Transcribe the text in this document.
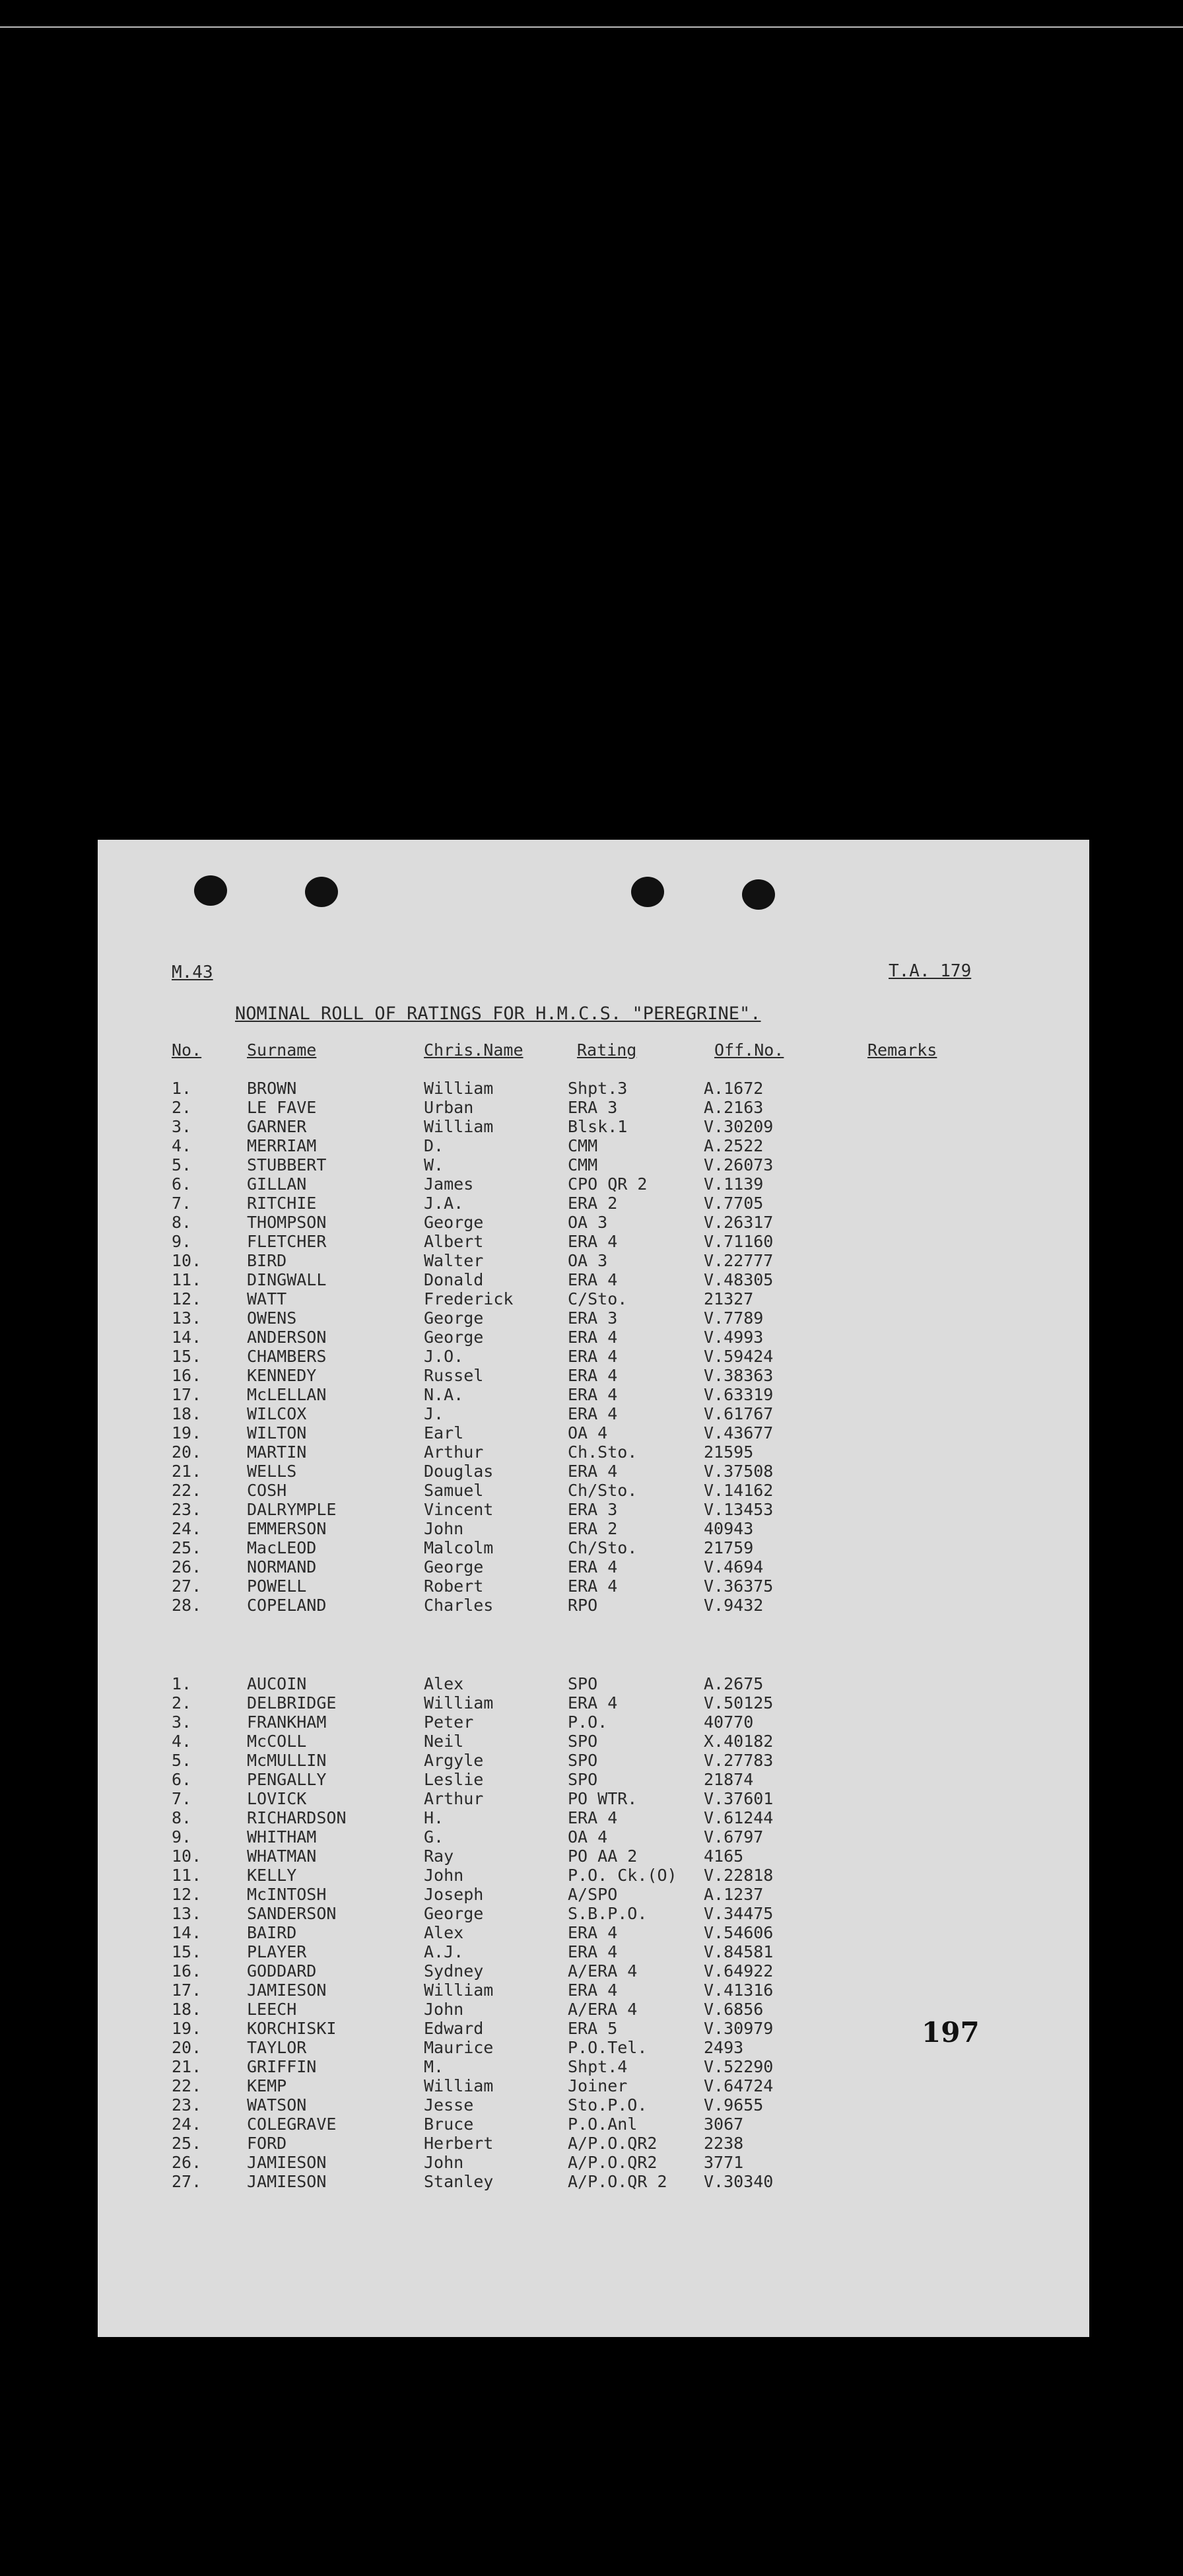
M.43	T.A. 179
NOMINAL ROLL OF RATINGS FOR H.M.C.S. "PEREGRINE".
No.	Surname	Chris.Name	Rating	Off.No.	Remarks
1.	BROWN	William	Shpt.3	A.1672
2.	LE FAVE	Urban	ERA 3	A.2163
3.	GARNER	William	Blsk.1	V.30209
4.	MERRIAM	D.	CMM	A.2522
5.	STUBBERT	W.	CMM	V.26073
6.	GILLAN	James	CPO QR 2	V.1139
7.	RITCHIE	J.A.	ERA 2	V.7705
8.	THOMPSON	George	OA 3	V.26317
9.	FLETCHER	Albert	ERA 4	V.71160
10.	BIRD	Walter	OA 3	V.22777
11.	DINGWALL	Donald	ERA 4	V.48305
12.	WATT	Frederick	C/Sto.	21327
13.	OWENS	George	ERA 3	V.7789
14.	ANDERSON	George	ERA 4	V.4993
15.	CHAMBERS	J.O.	ERA 4	V.59424
16.	KENNEDY	Russel	ERA 4	V.38363
17.	McLELLAN	N.A.	ERA 4	V.63319
18.	WILCOX	J.	ERA 4	V.61767
19.	WILTON	Earl	OA 4	V.43677
20.	MARTIN	Arthur	Ch.Sto.	21595
21.	WELLS	Douglas	ERA 4	V.37508
22.	COSH	Samuel	Ch/Sto.	V.14162
23.	DALRYMPLE	Vincent	ERA 3	V.13453
24.	EMMERSON	John	ERA 2	40943
25.	MacLEOD	Malcolm	Ch/Sto.	21759
26.	NORMAND	George	ERA 4	V.4694
27.	POWELL	Robert	ERA 4	V.36375
28.	COPELAND	Charles	RPO	V.9432
1.	AUCOIN	Alex	SPO	A.2675
2.	DELBRIDGE	William	ERA 4	V.50125
3.	FRANKHAM	Peter	P.O.	40770
4.	McCOLL	Neil	SPO	X.40182
5.	McMULLIN	Argyle	SPO	V.27783
6.	PENGALLY	Leslie	SPO	21874
7.	LOVICK	Arthur	PO WTR.	V.37601
8.	RICHARDSON	H.	ERA 4	V.61244
9.	WHITHAM	G.	OA 4	V.6797
10.	WHATMAN	Ray	PO AA 2	4165
11.	KELLY	John	P.O. Ck.(O) V.22818
12.	McINTOSH	Joseph	A/SPO	A.1237
13.	SANDERSON	George	S.B.P.O.	V.34475
14.	BAIRD	Alex	ERA 4	V.54606
15.	PLAYER	A.J.	ERA 4	V.84581
16.	GODDARD	Sydney	A/ERA 4	V.64922
17.	JAMIESON	William	ERA 4	V.41316
18.	LEECH	John	A/ERA 4	V.6856
19.	KORCHISKI	Edward	ERA 5	V.30979
20.	TAYLOR	Maurice	P.O.Tel.	2493
21.	GRIFFIN	M.	Shpt.4	V.52290
22.	KEMP	William	Joiner	V.64724
23.	WATSON	Jesse	Sto.P.O.	V.9655
24.	COLEGRAVE	Bruce	P.O.Anl	3067
25.	FORD	Herbert	A/P.O.QR2	2238
26.	JAMIESON	John	A/P.O.QR2	3771
27.	JAMIESON	Stanley	A/P.O.QR 2 V.30340
197
